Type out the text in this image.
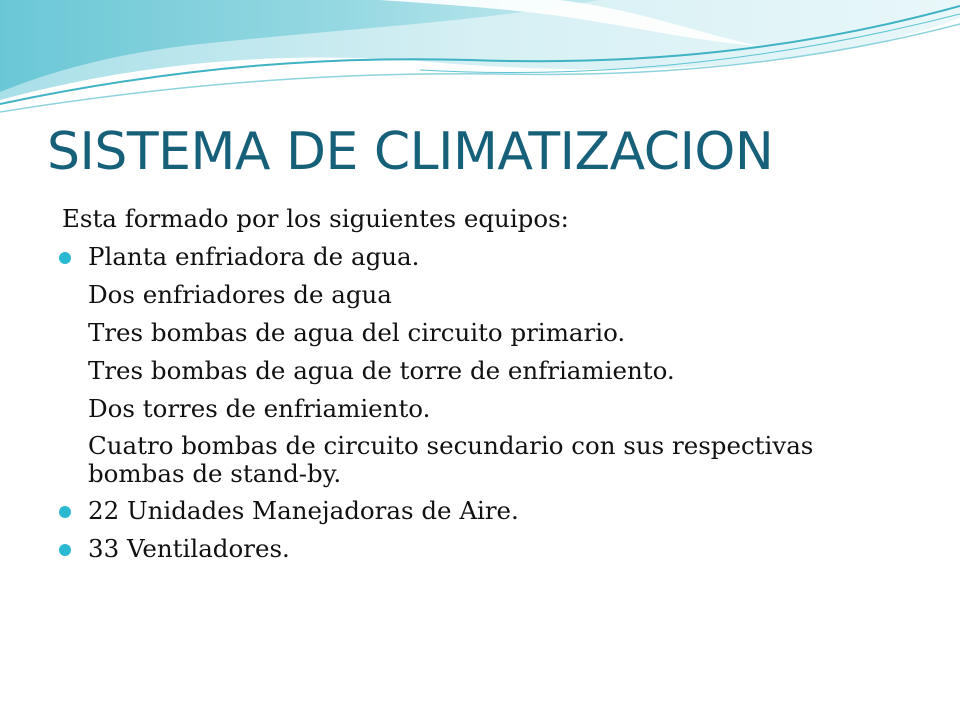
SISTEMA DE CLIMATIZACION
Esta formado por los siguientes equipos:
Planta enfriadora de agua.
Dos enfriadores de agua
Tres bombas de agua del circuito primario.
Tres bombas de agua de torre de enfriamiento.
Dos torres de enfriamiento.
Cuatro bombas de circuito secundario con sus respectivas bombas de stand-by.
22 Unidades Manejadoras de Aire.
33 Ventiladores.
